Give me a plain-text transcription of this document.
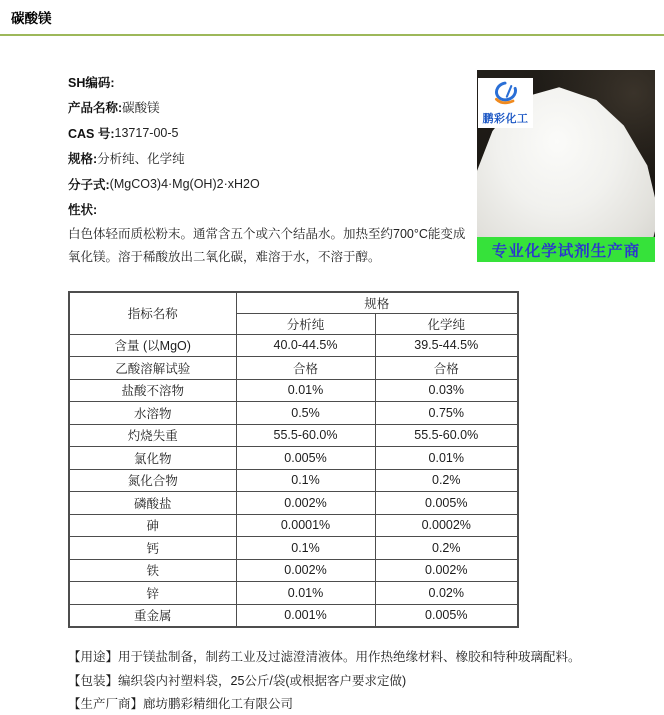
碳酸镁
SH编码:
产品名称: 碳酸镁
CAS 号: 13717-00-5
规格: 分析纯、化学纯
分子式: (MgCO3)4·Mg(OH)2·xH2O
性状:
白色体轻而质松粉末。通常含五个或六个结晶水。加热至约700°C能变成氧化镁。溶于稀酸放出二氧化碳，难溶于水，不溶于醇。
鹏彩化工
专业化学试剂生产商
指标名称	规格	
	分析纯	化学纯
含量 (以MgO)	40.0-44.5%	39.5-44.5%
乙酸溶解试验	合格	合格
盐酸不溶物	0.01%	0.03%
水溶物	0.5%	0.75%
灼烧失重	55.5-60.0%	55.5-60.0%
氯化物	0.005%	0.01%
氮化合物	0.1%	0.2%
磷酸盐	0.002%	0.005%
砷	0.0001%	0.0002%
钙	0.1%	0.2%
铁	0.002%	0.002%
锌	0.01%	0.02%
重金属	0.001%	0.005%
【用途】用于镁盐制备，制药工业及过滤澄清液体。用作热绝缘材料、橡胶和特种玻璃配料。
【包装】编织袋内衬塑料袋，25公斤/袋(或根据客户要求定做)
【生产厂商】廊坊鹏彩精细化工有限公司
